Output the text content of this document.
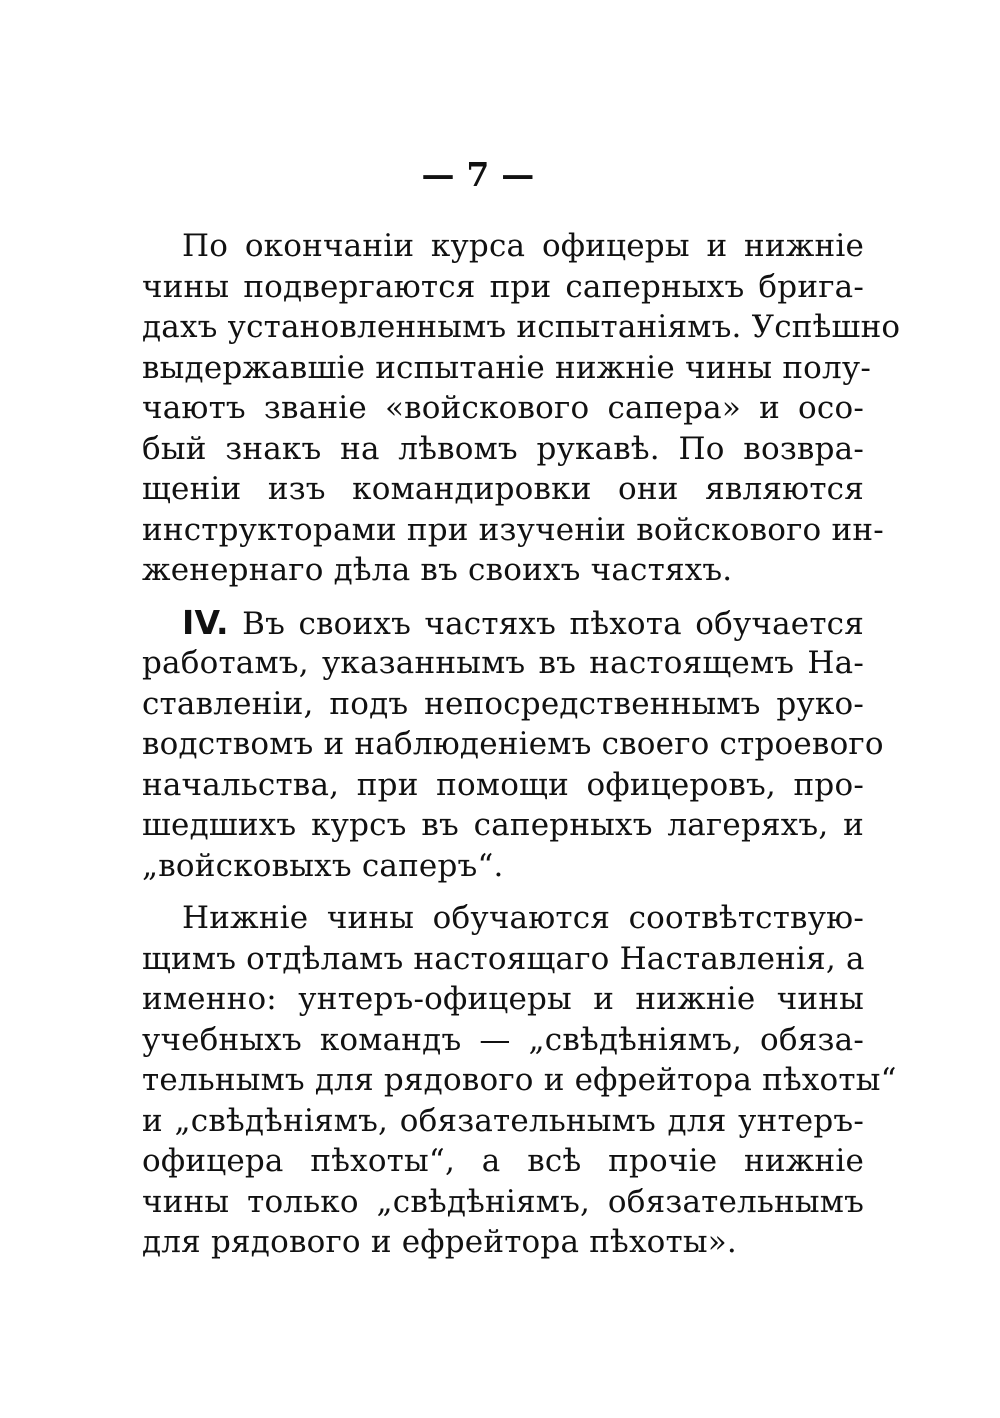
— 7 —
По окончанiи курса офицеры и нижнiе
чины подвергаются при саперныхъ брига-
дахъ установленнымъ испытанiямъ. Успѣшно
выдержавшiе испытанiе нижнiе чины полу-
чаютъ званiе «войскового сапера» и осо-
бый знакъ на лѣвомъ рукавѣ. По возвра-
щенiи изъ командировки они являются
инструкторами при изученiи войскового ин-
женернаго дѣла въ своихъ частяхъ.
IV. Въ своихъ частяхъ пѣхота обучается
работамъ, указаннымъ въ настоящемъ На-
ставленiи, подъ непосредственнымъ руко-
водствомъ и наблюденiемъ своего строевого
начальства, при помощи офицеровъ, про-
шедшихъ курсъ въ саперныхъ лагеряхъ, и
„войсковыхъ саперъ“.
Нижнiе чины обучаются соотвѣтствую-
щимъ отдѣламъ настоящаго Наставленiя, а
именно: унтеръ-офицеры и нижнiе чины
учебныхъ командъ — „свѣдѣнiямъ, обяза-
тельнымъ для рядового и ефрейтора пѣхоты“
и „свѣдѣнiямъ, обязательнымъ для унтеръ-
офицера пѣхоты“, а всѣ прочiе нижнiе
чины только „свѣдѣнiямъ, обязательнымъ
для рядового и ефрейтора пѣхоты».
